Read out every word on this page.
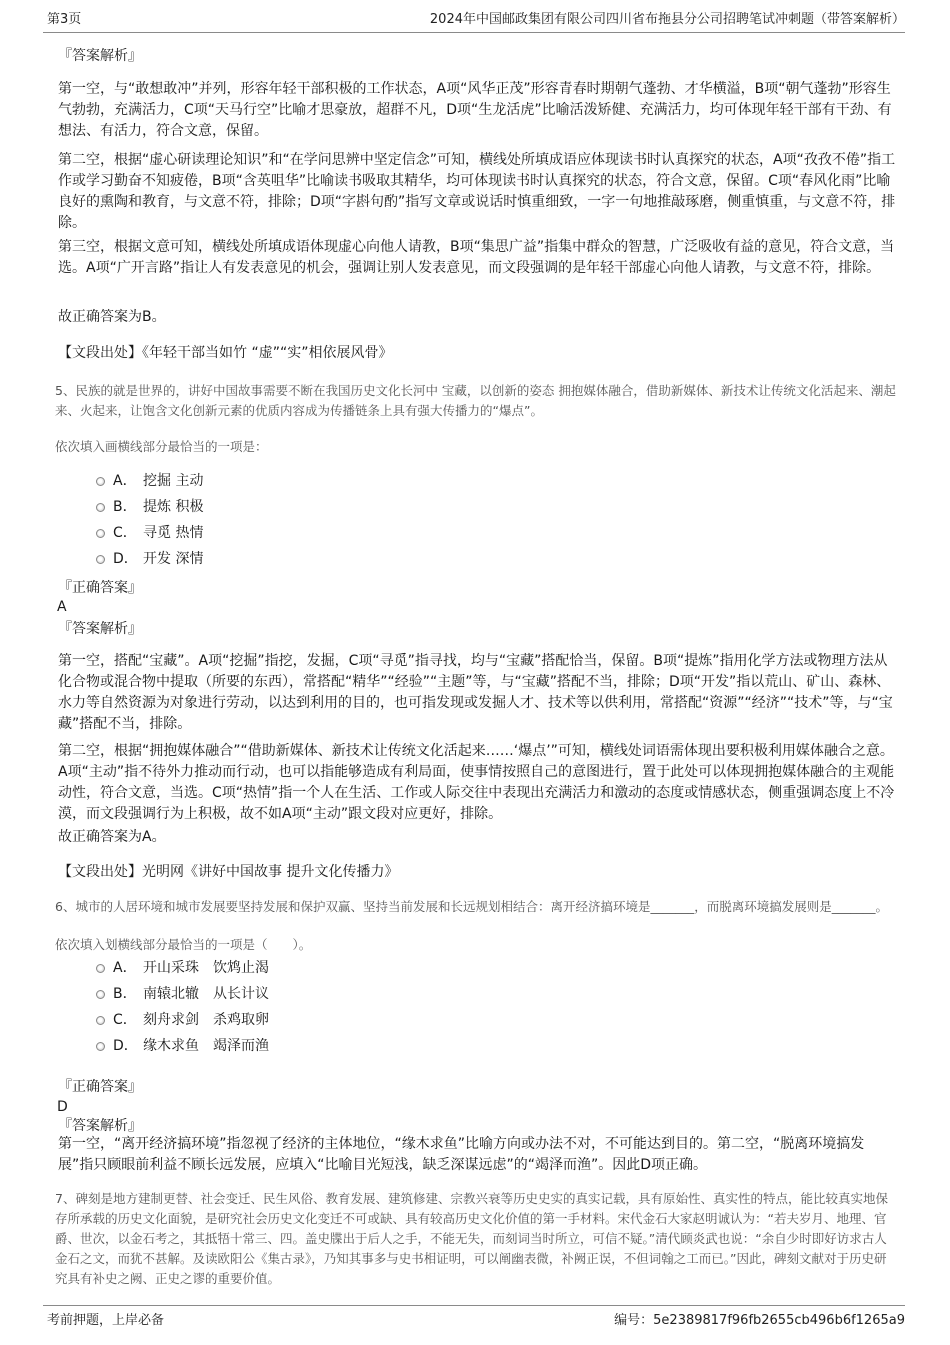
第3页	2024年中国邮政集团有限公司四川省布拖县分公司招聘笔试冲刺题（带答案解析）
『答案解析』
第一空，与“敢想敢冲”并列，形容年轻干部积极的工作状态，A项“风华正茂”形容青春时期朝气蓬勃、才华横溢，B项“朝气蓬勃”形容生气勃勃，充满活力，C项“天马行空”比喻才思豪放，超群不凡，D项“生龙活虎”比喻活泼矫健、充满活力，均可体现年轻干部有干劲、有想法、有活力，符合文意，保留。
第二空，根据“虚心研读理论知识”和“在学问思辨中坚定信念”可知，横线处所填成语应体现读书时认真探究的状态，A项“孜孜不倦”指工作或学习勤奋不知疲倦，B项“含英咀华”比喻读书吸取其精华，均可体现读书时认真探究的状态，符合文意，保留。C项“春风化雨”比喻良好的熏陶和教育，与文意不符，排除；D项“字斟句酌”指写文章或说话时慎重细致，一字一句地推敲琢磨，侧重慎重，与文意不符，排除。
第三空，根据文意可知，横线处所填成语体现虚心向他人请教，B项“集思广益”指集中群众的智慧，广泛吸收有益的意见，符合文意，当选。A项“广开言路”指让人有发表意见的机会，强调让别人发表意见，而文段强调的是年轻干部虚心向他人请教，与文意不符，排除。
故正确答案为B。
【文段出处】《年轻干部当如竹 “虚”“实”相依展风骨》
5、民族的就是世界的，讲好中国故事需要不断在我国历史文化长河中 宝藏，以创新的姿态 拥抱媒体融合，借助新媒体、新技术让传统文化活起来、潮起来、火起来，让饱含文化创新元素的优质内容成为传播链条上具有强大传播力的“爆点”。
依次填入画横线部分最恰当的一项是：
A． 挖掘 主动
B． 提炼 积极
C． 寻觅 热情
D． 开发 深情
『正确答案』
A
『答案解析』
第一空，搭配“宝藏”。A项“挖掘”指挖，发掘，C项“寻觅”指寻找，均与“宝藏”搭配恰当，保留。B项“提炼”指用化学方法或物理方法从化合物或混合物中提取（所要的东西），常搭配“精华”“经验”“主题”等，与“宝藏”搭配不当，排除；D项“开发”指以荒山、矿山、森林、水力等自然资源为对象进行劳动，以达到利用的目的，也可指发现或发掘人才、技术等以供利用，常搭配“资源”“经济”“技术”等，与“宝藏”搭配不当，排除。
第二空，根据“拥抱媒体融合”“借助新媒体、新技术让传统文化活起来……‘爆点’”可知，横线处词语需体现出要积极利用媒体融合之意。A项“主动”指不待外力推动而行动，也可以指能够造成有利局面，使事情按照自己的意图进行，置于此处可以体现拥抱媒体融合的主观能动性，符合文意，当选。C项“热情”指一个人在生活、工作或人际交往中表现出充满活力和激动的态度或情感状态，侧重强调态度上不冷漠，而文段强调行为上积极，故不如A项“主动”跟文段对应更好，排除。
故正确答案为A。
【文段出处】光明网《讲好中国故事 提升文化传播力》
6、城市的人居环境和城市发展要坚持发展和保护双赢、坚持当前发展和长远规划相结合：离开经济搞环境是_______，而脱离环境搞发展则是_______。
依次填入划横线部分最恰当的一项是（　　）。
A． 开山采珠　饮鸩止渴
B． 南辕北辙　从长计议
C． 刻舟求剑　杀鸡取卵
D． 缘木求鱼　竭泽而渔
『正确答案』
D
『答案解析』
第一空，“离开经济搞环境”指忽视了经济的主体地位，“缘木求鱼”比喻方向或办法不对，不可能达到目的。第二空，“脱离环境搞发展”指只顾眼前利益不顾长远发展，应填入“比喻目光短浅，缺乏深谋远虑”的“竭泽而渔”。因此D项正确。
7、碑刻是地方建制更替、社会变迁、民生风俗、教育发展、建筑修建、宗教兴衰等历史史实的真实记载，具有原始性、真实性的特点，能比较真实地保存所承载的历史文化面貌，是研究社会历史文化变迁不可或缺、具有较高历史文化价值的第一手材料。宋代金石大家赵明诚认为：“若夫岁月、地理、官爵、世次，以金石考之，其抵牾十常三、四。盖史牒出于后人之手，不能无失，而刻词当时所立，可信不疑。”清代顾炎武也说：“余自少时即好访求古人金石之文，而犹不甚解。及读欧阳公《集古录》，乃知其事多与史书相证明，可以阐幽表微，补阙正误，不但词翰之工而已。”因此，碑刻文献对于历史研究具有补史之阙、正史之谬的重要价值。
考前押题，上岸必备	编号：5e2389817f96fb2655cb496b6f1265a9
